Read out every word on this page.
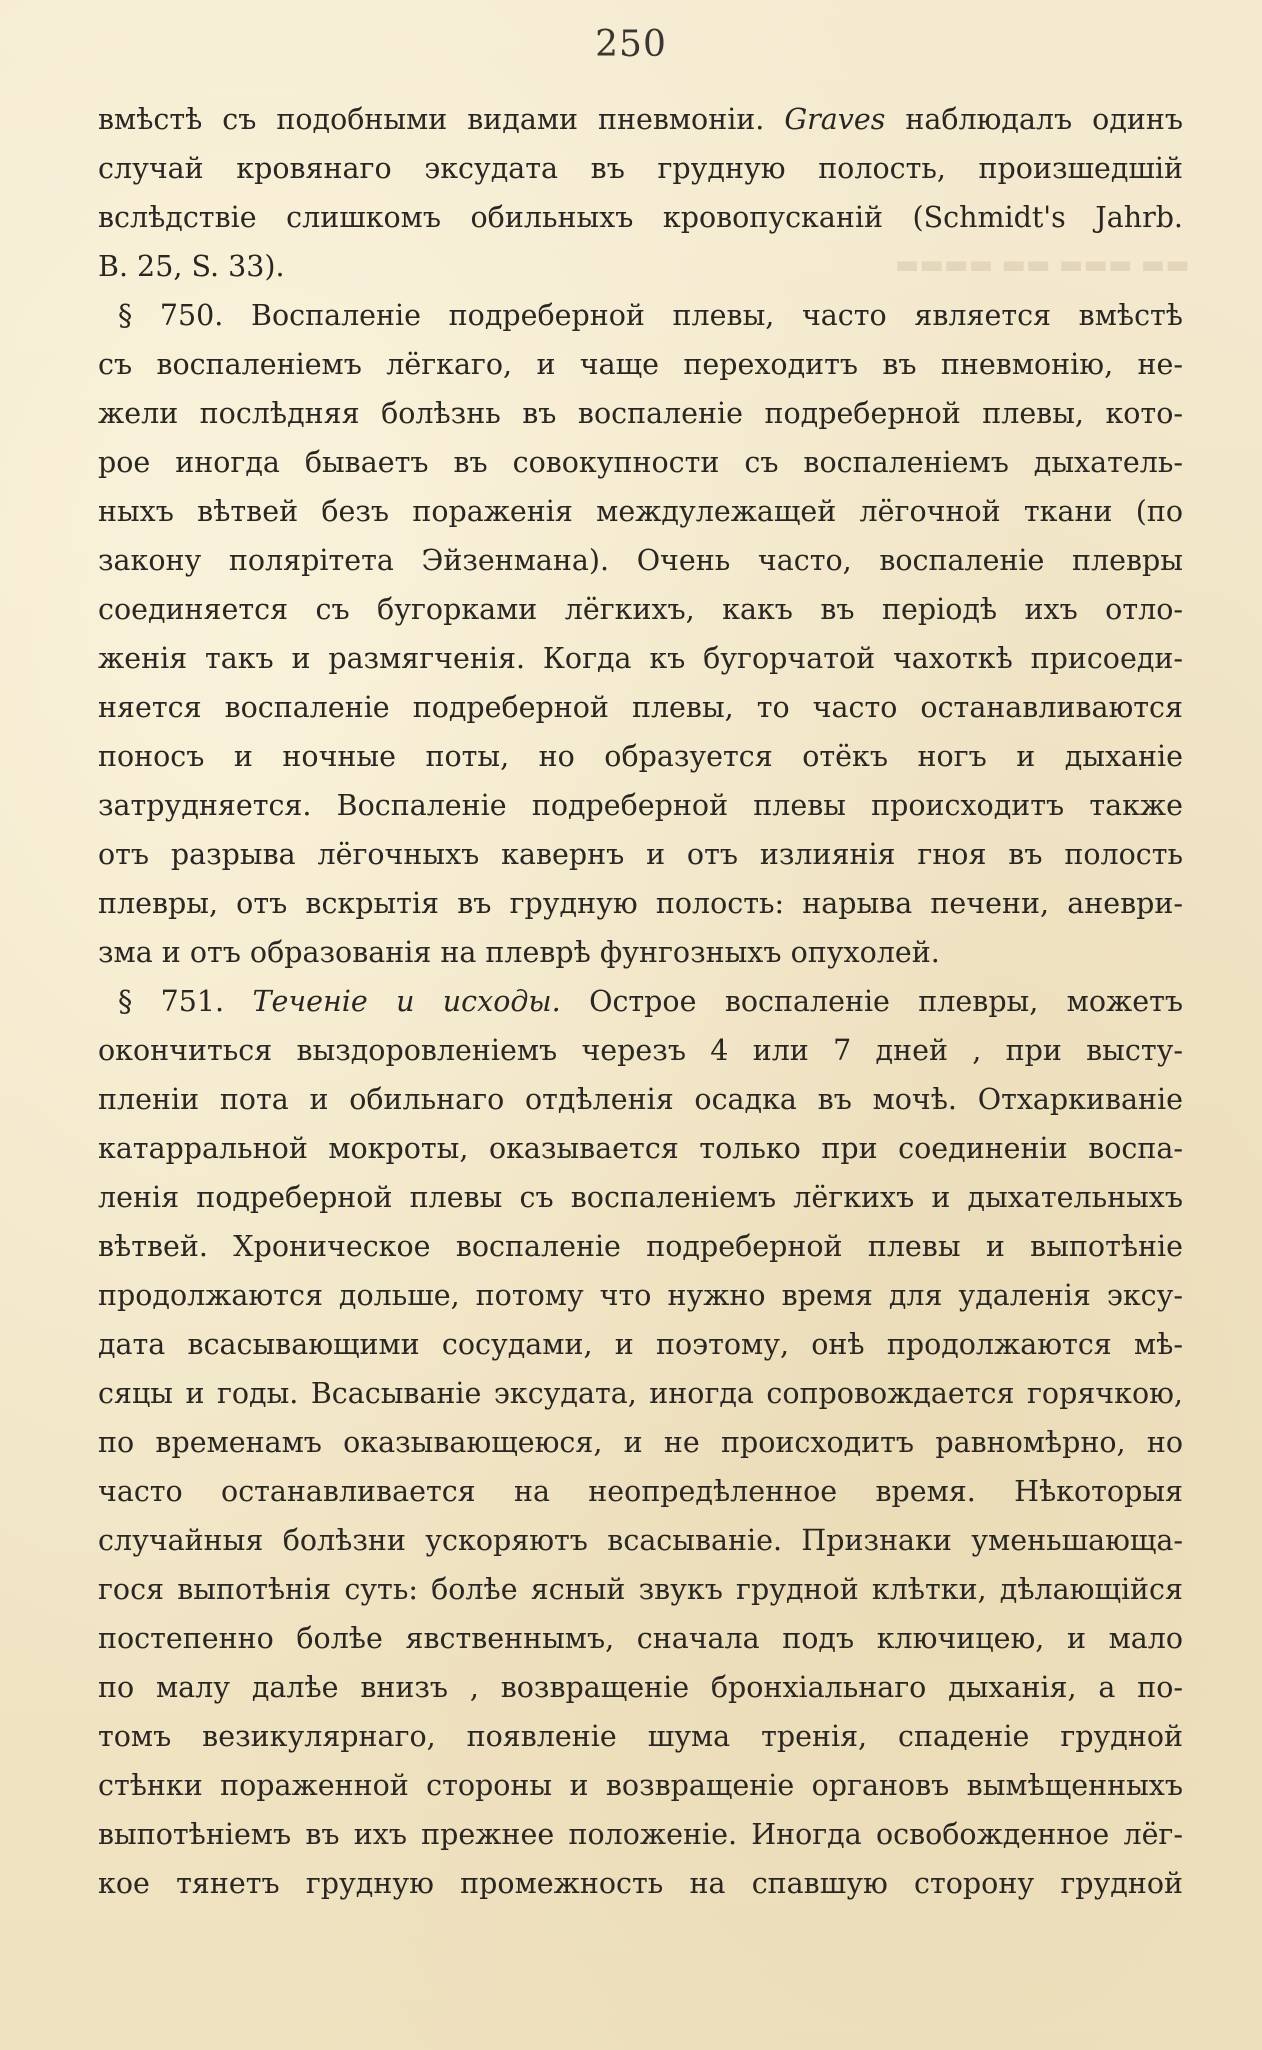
▬▬ ▬▬▬ ▬▬ ▬▬▬▬
250
вмѣстѣ съ подобными видами пневмоніи. Graves наблюдалъ одинъ
случай кровянаго эксудата въ грудную полость, произшедшій
вслѣдствіе слишкомъ обильныхъ кровопусканій (Schmidt's Jahrb.
B. 25, S. 33).
§ 750. Воспаленіе подреберной плевы, часто является вмѣстѣ
съ воспаленіемъ лёгкаго, и чаще переходитъ въ пневмонію, не-
жели послѣдняя болѣзнь въ воспаленіе подреберной плевы, кото-
рое иногда бываетъ въ совокупности съ воспаленіемъ дыхатель-
ныхъ вѣтвей безъ пораженія междулежащей лёгочной ткани (по
закону полярітета Эйзенмана). Очень часто, воспаленіе плевры
соединяется съ бугорками лёгкихъ, какъ въ періодѣ ихъ отло-
женія такъ и размягченія. Когда къ бугорчатой чахоткѣ присоеди-
няется воспаленіе подреберной плевы, то часто останавливаются
поносъ и ночные поты, но образуется отёкъ ногъ и дыханіе
затрудняется. Воспаленіе подреберной плевы происходитъ также
отъ разрыва лёгочныхъ кавернъ и отъ излиянія гноя въ полость
плевры, отъ вскрытія въ грудную полость: нарыва печени, аневри-
зма и отъ образованія на плеврѣ фунгозныхъ опухолей.
§ 751. Теченіе и исходы. Острое воспаленіе плевры, можетъ
окончиться выздоровленіемъ черезъ 4 или 7 дней , при высту-
пленіи пота и обильнаго отдѣленія осадка въ мочѣ. Отхаркиваніе
катарральной мокроты, оказывается только при соединеніи воспа-
ленія подреберной плевы съ воспаленіемъ лёгкихъ и дыхательныхъ
вѣтвей. Хроническое воспаленіе подреберной плевы и выпотѣніе
продолжаются дольше, потому что нужно время для удаленія эксу-
дата всасывающими сосудами, и поэтому, онѣ продолжаются мѣ-
сяцы и годы. Всасываніе эксудата, иногда сопровождается горячкою,
по временамъ оказывающеюся, и не происходитъ равномѣрно, но
часто останавливается на неопредѣленное время. Нѣкоторыя
случайныя болѣзни ускоряютъ всасываніе. Признаки уменьшающа-
гося выпотѣнія суть: болѣе ясный звукъ грудной клѣтки, дѣлающійся
постепенно болѣе явственнымъ, сначала подъ ключицею, и мало
по малу далѣе внизъ , возвращеніе бронхіальнаго дыханія, а по-
томъ везикулярнаго, появленіе шума тренія, спаденіе грудной
стѣнки пораженной стороны и возвращеніе органовъ вымѣщенныхъ
выпотѣніемъ въ ихъ прежнее положеніе. Иногда освобожденное лёг-
кое тянетъ грудную промежность на спавшую сторону грудной
